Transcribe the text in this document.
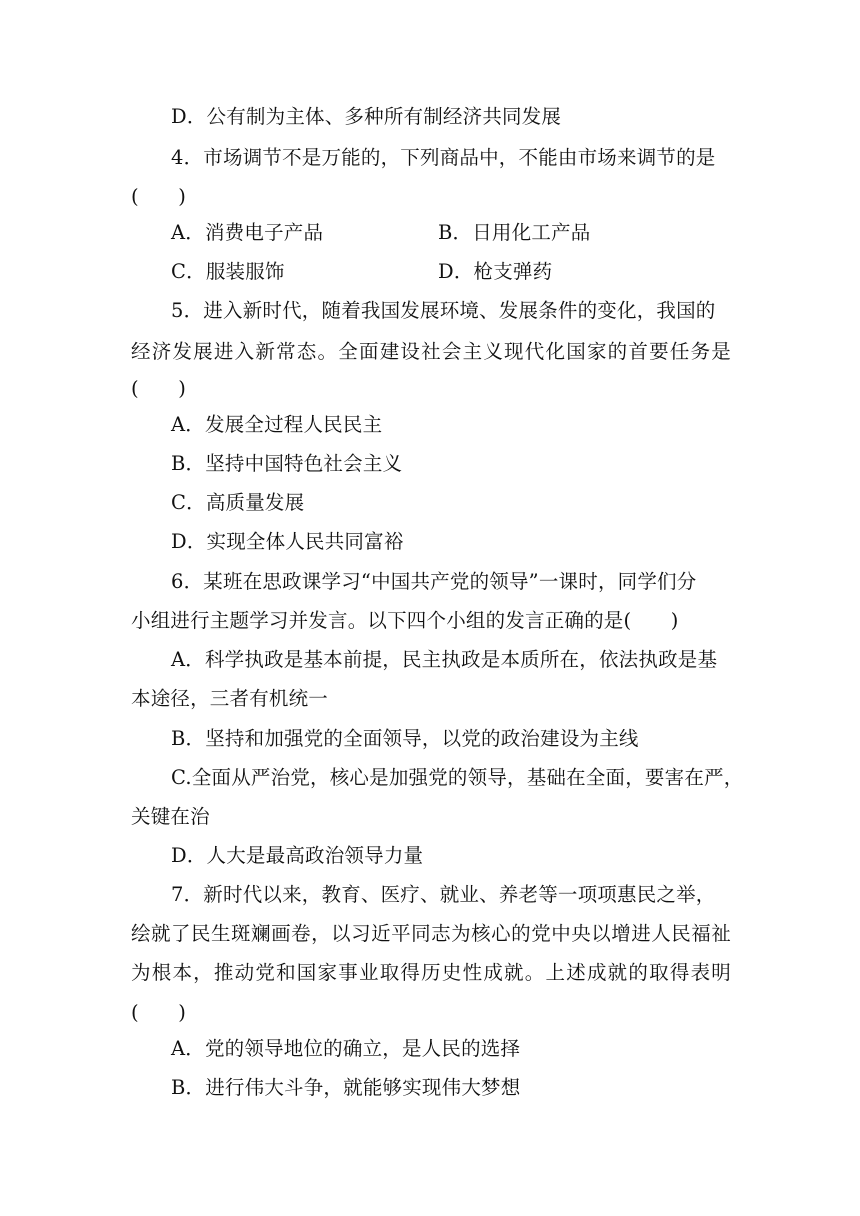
D．公有制为主体、多种所有制经济共同发展
4．市场调节不是万能的，下列商品中，不能由市场来调节的是
(　　)
A．消费电子产品	B．日用化工产品
C．服装服饰	D．枪支弹药
5．进入新时代，随着我国发展环境、发展条件的变化，我国的
经济发展进入新常态。全面建设社会主义现代化国家的首要任务是
(　　)
A．发展全过程人民民主
B．坚持中国特色社会主义
C．高质量发展
D．实现全体人民共同富裕
6．某班在思政课学习“中国共产党的领导”一课时，同学们分
小组进行主题学习并发言。以下四个小组的发言正确的是(　　)
A．科学执政是基本前提，民主执政是本质所在，依法执政是基
本途径，三者有机统一
B．坚持和加强党的全面领导，以党的政治建设为主线
C.全面从严治党，核心是加强党的领导，基础在全面，要害在严，
关键在治
D．人大是最高政治领导力量
7．新时代以来，教育、医疗、就业、养老等一项项惠民之举，
绘就了民生斑斓画卷，以习近平同志为核心的党中央以增进人民福祉
为根本，推动党和国家事业取得历史性成就。上述成就的取得表明
(　　)
A．党的领导地位的确立，是人民的选择
B．进行伟大斗争，就能够实现伟大梦想
